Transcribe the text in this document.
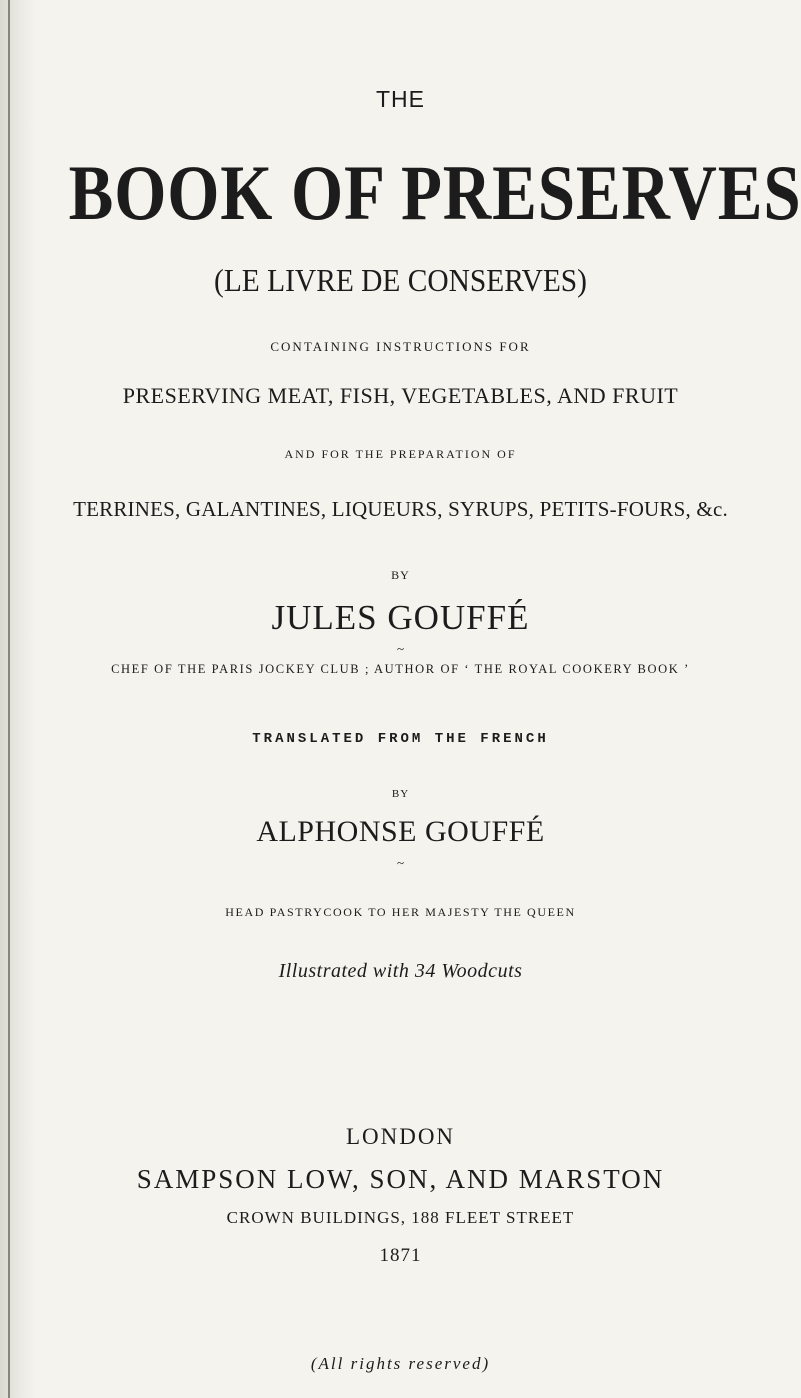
THE
BOOK OF PRESERVES
(LE LIVRE DE CONSERVES)
CONTAINING INSTRUCTIONS FOR
PRESERVING MEAT, FISH, VEGETABLES, AND FRUIT
AND FOR THE PREPARATION OF
TERRINES, GALANTINES, LIQUEURS, SYRUPS, PETITS-FOURS, &c.
BY
JULES GOUFFÉ
~
CHEF OF THE PARIS JOCKEY CLUB ; AUTHOR OF ‘ THE ROYAL COOKERY BOOK ’
TRANSLATED FROM THE FRENCH
BY
ALPHONSE GOUFFÉ
~
HEAD PASTRYCOOK TO HER MAJESTY THE QUEEN
Illustrated with 34 Woodcuts
LONDON
SAMPSON LOW, SON, AND MARSTON
CROWN BUILDINGS, 188 FLEET STREET
1871
(All rights reserved)
